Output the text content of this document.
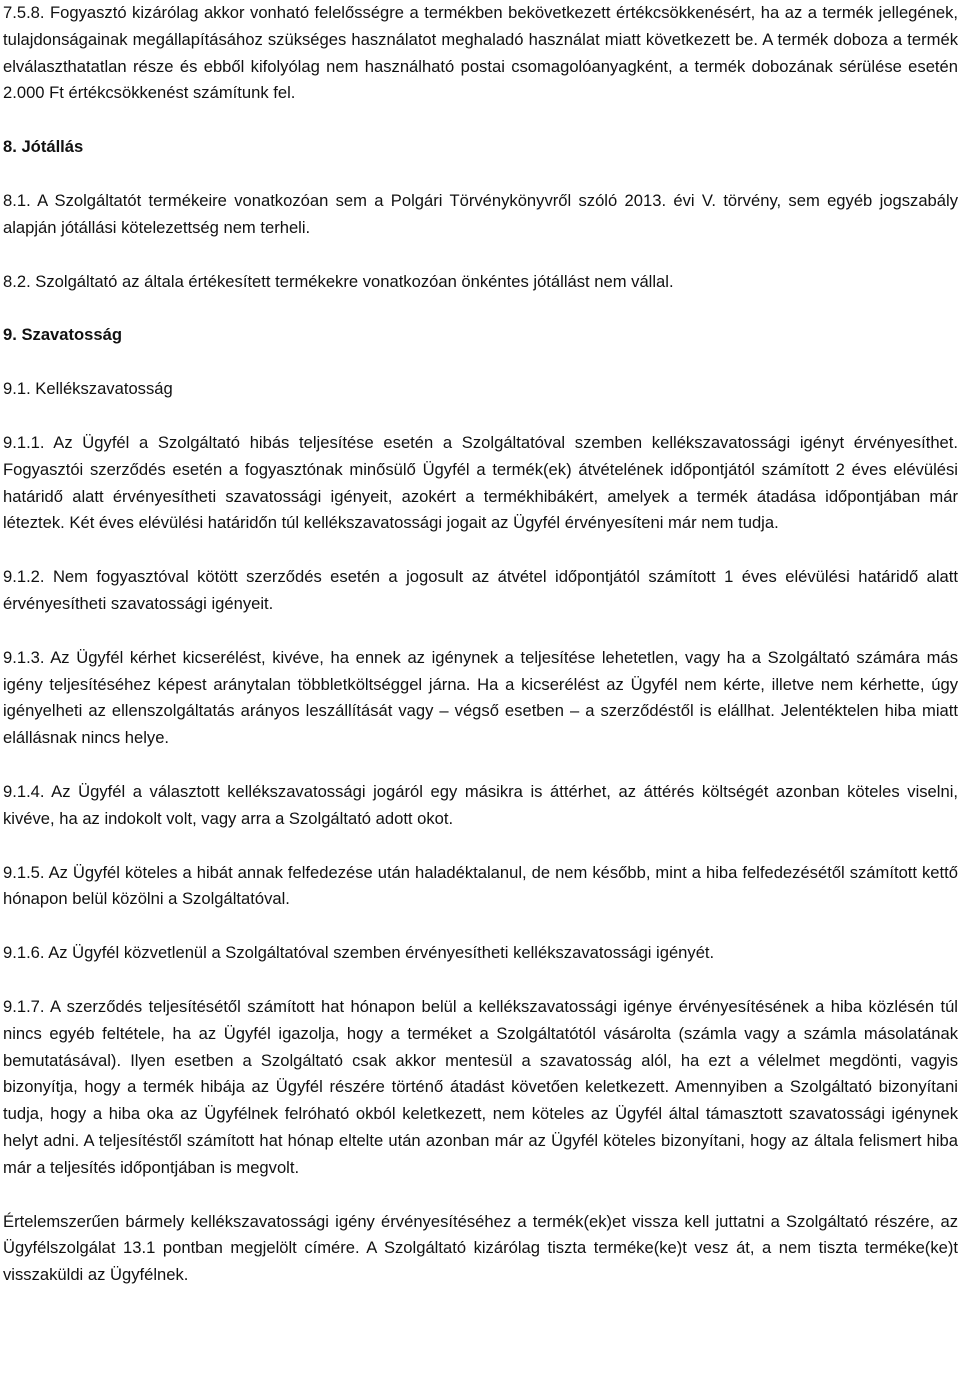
7.5.8. Fogyasztó kizárólag akkor vonható felelősségre a termékben bekövetkezett értékcsökkenésért, ha az a termék jellegének, tulajdonságainak megállapításához szükséges használatot meghaladó használat miatt következett be. A termék doboza a termék elválaszthatatlan része és ebből kifolyólag nem használható postai csomagolóanyagként, a termék dobozának sérülése esetén 2.000 Ft értékcsökkenést számítunk fel.

8. Jótállás

8.1. A Szolgáltatót termékeire vonatkozóan sem a Polgári Törvénykönyvről szóló 2013. évi V. törvény, sem egyéb jogszabály alapján jótállási kötelezettség nem terheli.

8.2. Szolgáltató az általa értékesített termékekre vonatkozóan önkéntes jótállást nem vállal.

9. Szavatosság

9.1. Kellékszavatosság

9.1.1. Az Ügyfél a Szolgáltató hibás teljesítése esetén a Szolgáltatóval szemben kellékszavatossági igényt érvényesíthet. Fogyasztói szerződés esetén a fogyasztónak minősülő Ügyfél a termék(ek) átvételének időpontjától számított 2 éves elévülési határidő alatt érvényesítheti szavatossági igényeit, azokért a termékhibákért, amelyek a termék átadása időpontjában már léteztek. Két éves elévülési határidőn túl kellékszavatossági jogait az Ügyfél érvényesíteni már nem tudja.

9.1.2. Nem fogyasztóval kötött szerződés esetén a jogosult az átvétel időpontjától számított 1 éves elévülési határidő alatt érvényesítheti szavatossági igényeit.

9.1.3. Az Ügyfél kérhet kicserélést, kivéve, ha ennek az igénynek a teljesítése lehetetlen, vagy ha a Szolgáltató számára más igény teljesítéséhez képest aránytalan többletköltséggel járna. Ha a kicserélést az Ügyfél nem kérte, illetve nem kérhette, úgy igényelheti az ellenszolgáltatás arányos leszállítását vagy – végső esetben – a szerződéstől is elállhat. Jelentéktelen hiba miatt elállásnak nincs helye.

9.1.4. Az Ügyfél a választott kellékszavatossági jogáról egy másikra is áttérhet, az áttérés költségét azonban köteles viselni, kivéve, ha az indokolt volt, vagy arra a Szolgáltató adott okot.

9.1.5. Az Ügyfél köteles a hibát annak felfedezése után haladéktalanul, de nem később, mint a hiba felfedezésétől számított kettő hónapon belül közölni a Szolgáltatóval.

9.1.6. Az Ügyfél közvetlenül a Szolgáltatóval szemben érvényesítheti kellékszavatossági igényét.

9.1.7. A szerződés teljesítésétől számított hat hónapon belül a kellékszavatossági igénye érvényesítésének a hiba közlésén túl nincs egyéb feltétele, ha az Ügyfél igazolja, hogy a terméket a Szolgáltatótól vásárolta (számla vagy a számla másolatának bemutatásával). Ilyen esetben a Szolgáltató csak akkor mentesül a szavatosság alól, ha ezt a vélelmet megdönti, vagyis bizonyítja, hogy a termék hibája az Ügyfél részére történő átadást követően keletkezett. Amennyiben a Szolgáltató bizonyítani tudja, hogy a hiba oka az Ügyfélnek felróható okból keletkezett, nem köteles az Ügyfél által támasztott szavatossági igénynek helyt adni. A teljesítéstől számított hat hónap eltelte után azonban már az Ügyfél köteles bizonyítani, hogy az általa felismert hiba már a teljesítés időpontjában is megvolt.

Értelemszerűen bármely kellékszavatossági igény érvényesítéséhez a termék(ek)et vissza kell juttatni a Szolgáltató részére, az Ügyfélszolgálat 13.1 pontban megjelölt címére. A Szolgáltató kizárólag tiszta terméke(ke)t vesz át, a nem tiszta terméke(ke)t visszaküldi az Ügyfélnek.
